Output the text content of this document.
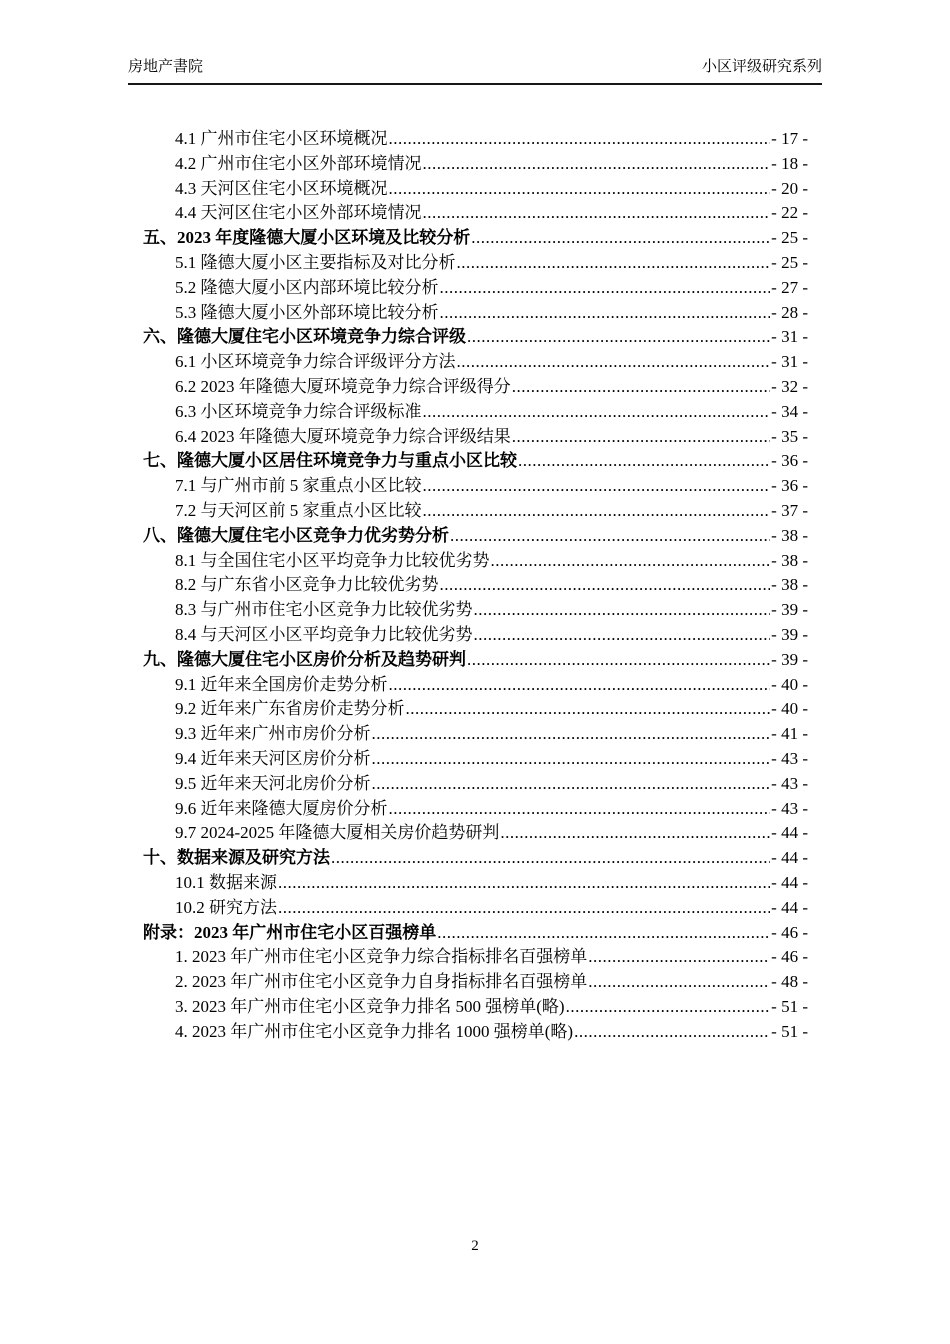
房地产書院	小区评级研究系列
4.1 广州市住宅小区环境概况 .....	- 17 -
4.2 广州市住宅小区外部环境情况 .....	- 18 -
4.3 天河区住宅小区环境概况 .....	- 20 -
4.4 天河区住宅小区外部环境情况 .....	- 22 -
五、2023 年度隆德大厦小区环境及比较分析 .....	- 25 -
5.1 隆德大厦小区主要指标及对比分析 .....	- 25 -
5.2 隆德大厦小区内部环境比较分析 .....	- 27 -
5.3 隆德大厦小区外部环境比较分析 .....	- 28 -
六、隆德大厦住宅小区环境竞争力综合评级 .....	- 31 -
6.1 小区环境竞争力综合评级评分方法 .....	- 31 -
6.2 2023 年隆德大厦环境竞争力综合评级得分 .....	- 32 -
6.3 小区环境竞争力综合评级标准 .....	- 34 -
6.4 2023 年隆德大厦环境竞争力综合评级结果 .....	- 35 -
七、隆德大厦小区居住环境竞争力与重点小区比较 .....	- 36 -
7.1 与广州市前 5 家重点小区比较 .....	- 36 -
7.2 与天河区前 5 家重点小区比较 .....	- 37 -
八、隆德大厦住宅小区竞争力优劣势分析 .....	- 38 -
8.1 与全国住宅小区平均竞争力比较优劣势 .....	- 38 -
8.2 与广东省小区竞争力比较优劣势 .....	- 38 -
8.3 与广州市住宅小区竞争力比较优劣势 .....	- 39 -
8.4 与天河区小区平均竞争力比较优劣势 .....	- 39 -
九、隆德大厦住宅小区房价分析及趋势研判 .....	- 39 -
9.1 近年来全国房价走势分析 .....	- 40 -
9.2 近年来广东省房价走势分析 .....	- 40 -
9.3 近年来广州市房价分析 .....	- 41 -
9.4 近年来天河区房价分析 .....	- 43 -
9.5 近年来天河北房价分析 .....	- 43 -
9.6 近年来隆德大厦房价分析 .....	- 43 -
9.7 2024-2025 年隆德大厦相关房价趋势研判 .....	- 44 -
十、数据来源及研究方法 .....	- 44 -
10.1 数据来源 .....	- 44 -
10.2 研究方法 .....	- 44 -
附录：2023 年广州市住宅小区百强榜单 .....	- 46 -
1. 2023 年广州市住宅小区竞争力综合指标排名百强榜单 .....	- 46 -
2. 2023 年广州市住宅小区竞争力自身指标排名百强榜单 .....	- 48 -
3. 2023 年广州市住宅小区竞争力排名 500 强榜单(略) .....	- 51 -
4. 2023 年广州市住宅小区竞争力排名 1000 强榜单(略) .....	- 51 -
2
